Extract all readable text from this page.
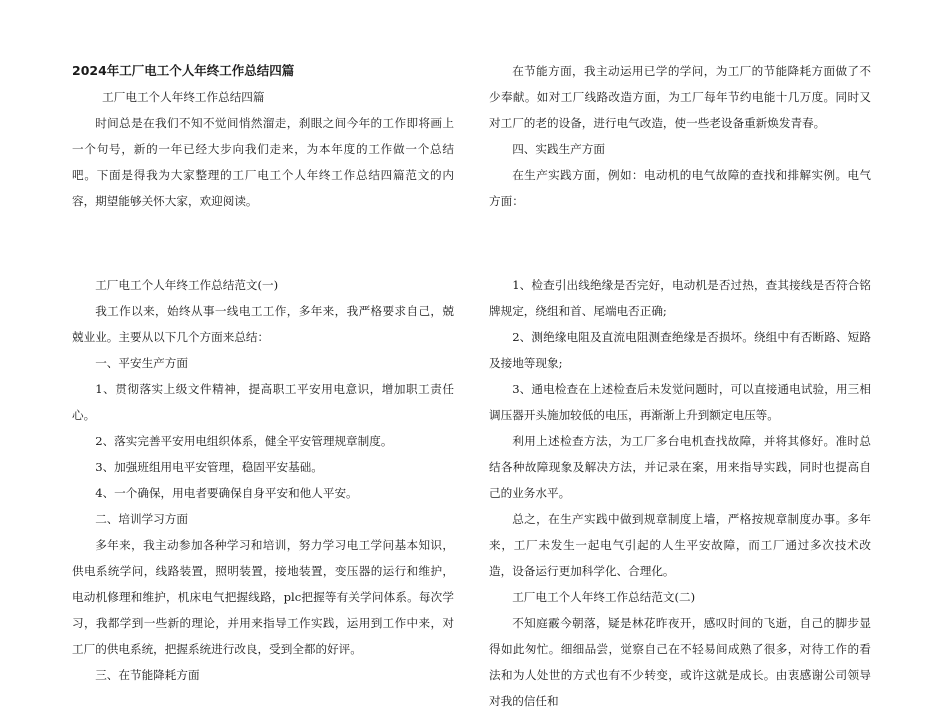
2024年工厂电工个人年终工作总结四篇

工厂电工个人年终工作总结四篇

时间总是在我们不知不觉间悄然溜走，刹眼之间今年的工作即将画上一个句号，新的一年已经大步向我们走来，为本年度的工作做一个总结吧。下面是得我为大家整理的工厂电工个人年终工作总结四篇范文的内容，期望能够关怀大家，欢迎阅读。

工厂电工个人年终工作总结范文(一)

我工作以来，始终从事一线电工工作，多年来，我严格要求自己，兢兢业业。主要从以下几个方面来总结：

一、平安生产方面

1、贯彻落实上级文件精神，提高职工平安用电意识，增加职工责任心。

2、落实完善平安用电组织体系，健全平安管理规章制度。

3、加强班组用电平安管理，稳固平安基础。

4、一个确保，用电者要确保自身平安和他人平安。

二、培训学习方面

多年来，我主动参加各种学习和培训，努力学习电工学问基本知识，供电系统学问，线路装置，照明装置，接地装置，变压器的运行和维护，电动机修理和维护，机床电气把握线路，plc把握等有关学问体系。每次学习，我都学到一些新的理论，并用来指导工作实践，运用到工作中来，对工厂的供电系统，把握系统进行改良，受到全都的好评。

三、在节能降耗方面

在节能方面，我主动运用已学的学问，为工厂的节能降耗方面做了不少奉献。如对工厂线路改造方面，为工厂每年节约电能十几万度。同时又对工厂的老的设备，进行电气改造，使一些老设备重新焕发青春。

四、实践生产方面

在生产实践方面，例如：电动机的电气故障的查找和排解实例。电气方面：

1、检查引出线绝缘是否完好，电动机是否过热，查其接线是否符合铭牌规定，绕组和首、尾端电否正确;

2、测绝缘电阻及直流电阻测查绝缘是否损坏。绕组中有否断路、短路及接地等现象;

3、通电检查在上述检查后未发觉问题时，可以直接通电试验，用三相调压器开头施加较低的电压，再渐渐上升到额定电压等。

利用上述检查方法，为工厂多台电机查找故障，并将其修好。准时总结各种故障现象及解决方法，并记录在案，用来指导实践，同时也提高自己的业务水平。

总之，在生产实践中做到规章制度上墙，严格按规章制度办事。多年来，工厂未发生一起电气引起的人生平安故障，而工厂通过多次技术改造，设备运行更加科学化、合理化。

工厂电工个人年终工作总结范文(二)

不知庭霰今朝落，疑是林花昨夜开，感叹时间的飞逝，自己的脚步显得如此匆忙。细细品尝，觉察自己在不轻易间成熟了很多，对待工作的看法和为人处世的方式也有不少转变，或许这就是成长。由衷感谢公司领导对我的信任和
